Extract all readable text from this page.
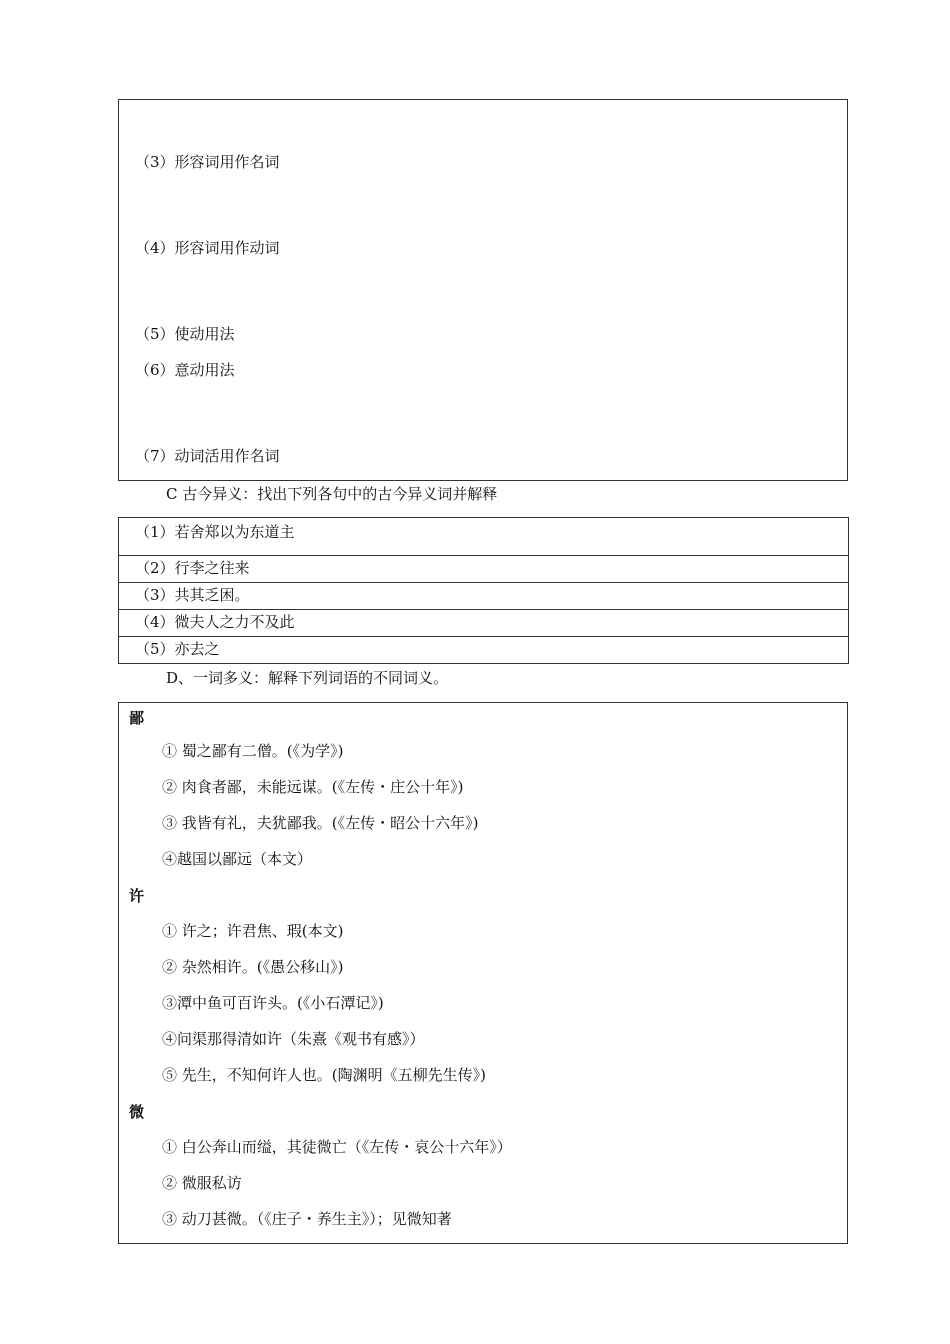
（3）形容词用作名词
（4）形容词用作动词
（5）使动用法
（6）意动用法
（7）动词活用作名词
C 古今异义：找出下列各句中的古今异义词并解释
（1）若舍郑以为东道主
（2）行李之往来
（3）共其乏困。
（4）微夫人之力不及此
（5）亦去之
D、一词多义：解释下列词语的不同词义。
鄙
① 蜀之鄙有二僧。(《为学》)
② 肉食者鄙，未能远谋。(《左传・庄公十年》)
③ 我皆有礼，夫犹鄙我。(《左传・昭公十六年》)
④越国以鄙远（本文）
许
① 许之；许君焦、瑕(本文)
② 杂然相许。(《愚公移山》)
③潭中鱼可百许头。(《小石潭记》)
④问渠那得清如许（朱熹《观书有感》）
⑤ 先生，不知何许人也。(陶渊明《五柳先生传》)
微
① 白公奔山而缢，其徒微亡（《左传・哀公十六年》）
② 微服私访
③ 动刀甚微。（《庄子・养生主》）；见微知著
